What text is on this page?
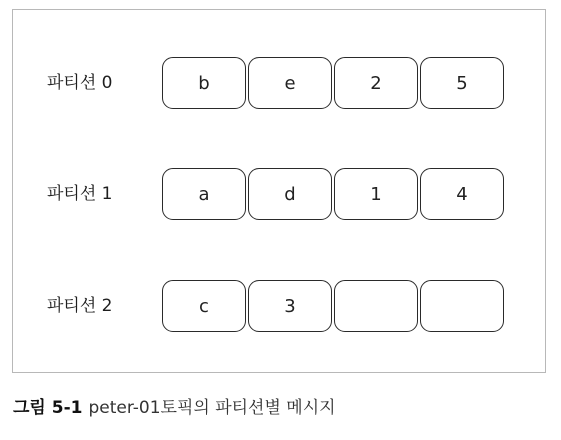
파티션 0	b	e	2	5
파티션 1	a	d	1	4
파티션 2	c	3
그림 5-1 peter-01토픽의 파티션별 메시지
